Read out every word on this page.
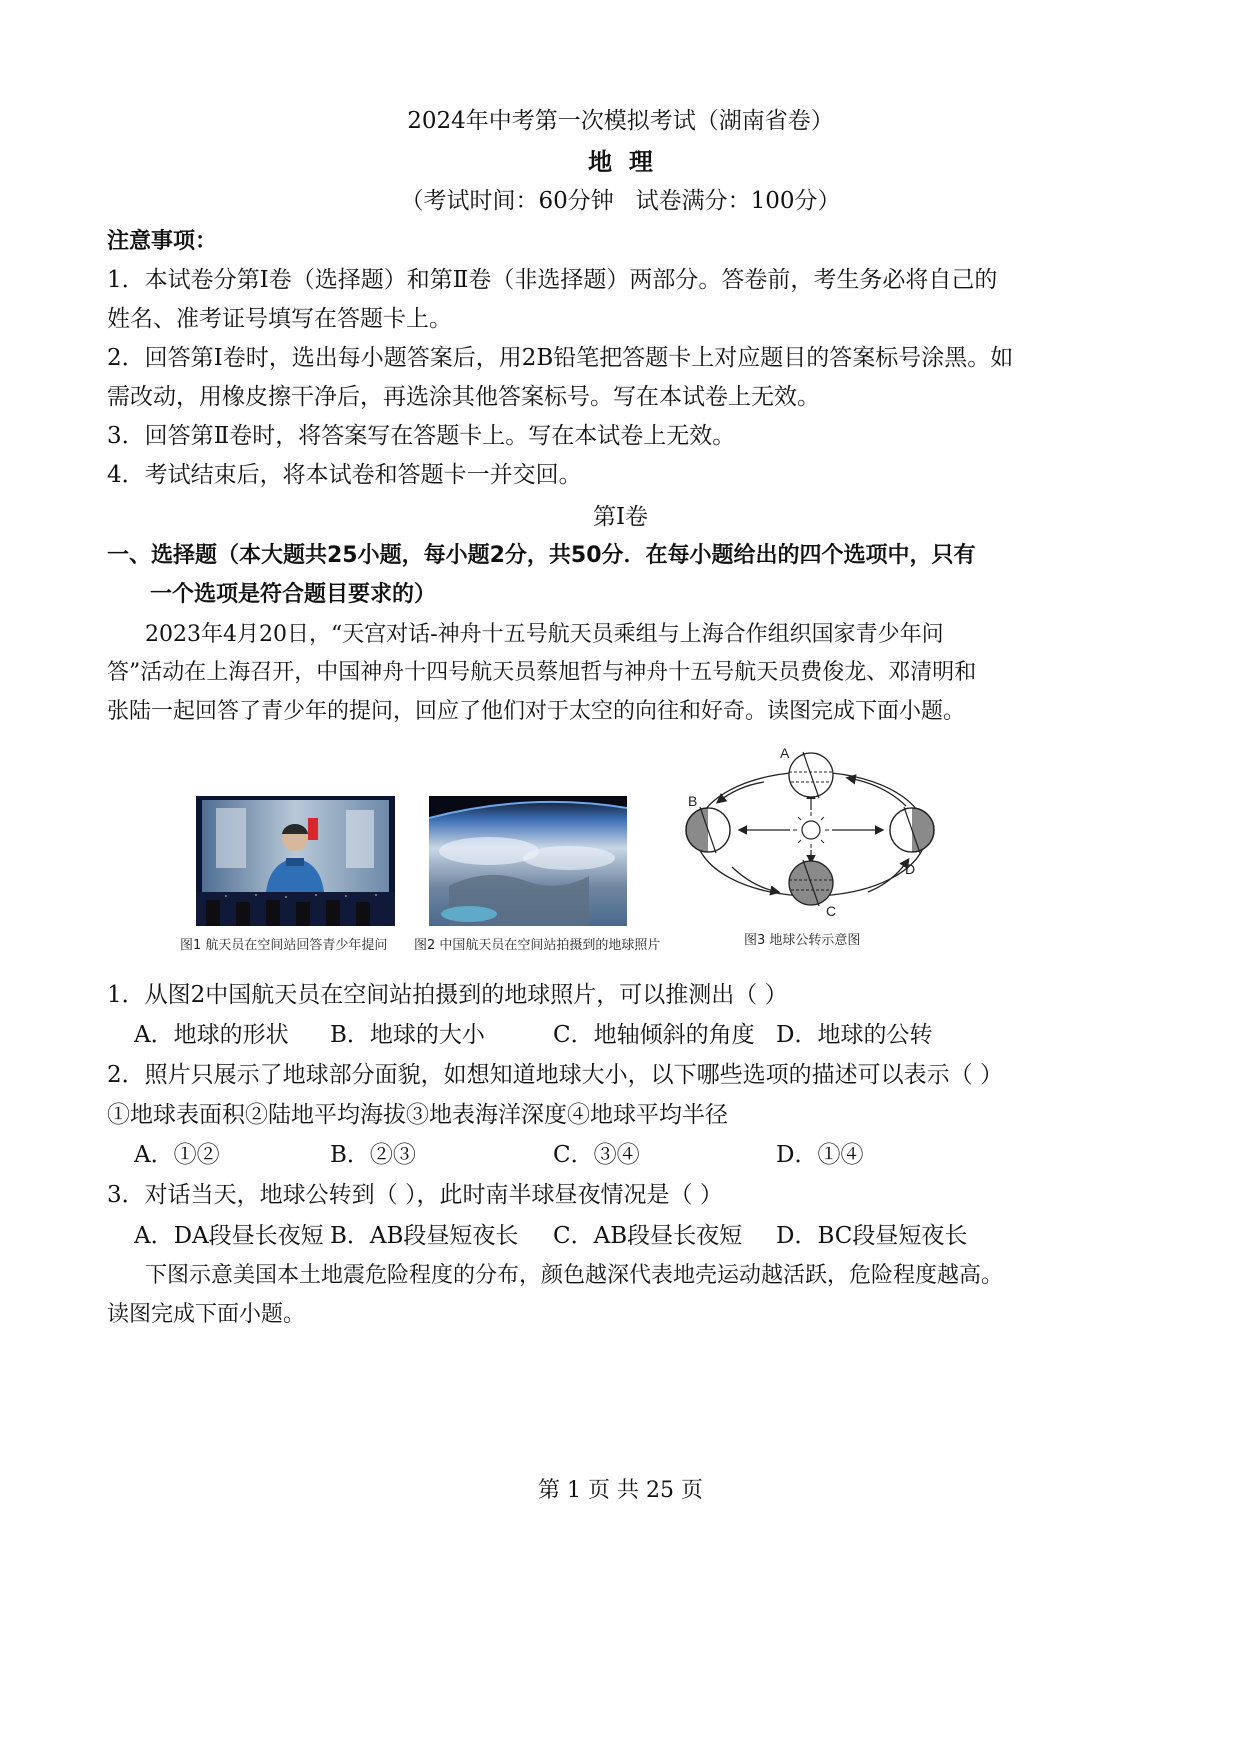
2024年中考第一次模拟考试（湖南省卷）
地  理
（考试时间：60分钟   试卷满分：100分）
注意事项：
1．本试卷分第Ⅰ卷（选择题）和第Ⅱ卷（非选择题）两部分。答卷前，考生务必将自己的
姓名、准考证号填写在答题卡上。
2．回答第Ⅰ卷时，选出每小题答案后，用2B铅笔把答题卡上对应题目的答案标号涂黑。如
需改动，用橡皮擦干净后，再选涂其他答案标号。写在本试卷上无效。
3．回答第Ⅱ卷时，将答案写在答题卡上。写在本试卷上无效。
4．考试结束后，将本试卷和答题卡一并交回。
第Ⅰ卷
一、选择题（本大题共25小题，每小题2分，共50分．在每小题给出的四个选项中，只有
一个选项是符合题目要求的）
2023年4月20日，“天宫对话-神舟十五号航天员乘组与上海合作组织国家青少年问
答”活动在上海召开，中国神舟十四号航天员蔡旭哲与神舟十五号航天员费俊龙、邓清明和
张陆一起回答了青少年的提问，回应了他们对于太空的向往和好奇。读图完成下面小题。
A
B
D
C
图1 航天员在空间站回答青少年提问 图2 中国航天员在空间站拍摄到的地球照片	图3 地球公转示意图
1．从图2中国航天员在空间站拍摄到的地球照片，可以推测出（ ）
A．地球的形状 B．地球的大小	C．地轴倾斜的角度 D．地球的公转
2．照片只展示了地球部分面貌，如想知道地球大小，以下哪些选项的描述可以表示（ ）
①地球表面积②陆地平均海拔③地表海洋深度④地球平均半径
A．①②	B．②③	C．③④	D．①④
3．对话当天，地球公转到（ ），此时南半球昼夜情况是（ ）
A．DA段昼长夜短 B．AB段昼短夜长 C．AB段昼长夜短 D．BC段昼短夜长
下图示意美国本土地震危险程度的分布，颜色越深代表地壳运动越活跃，危险程度越高。
读图完成下面小题。
第 1 页 共 25 页
